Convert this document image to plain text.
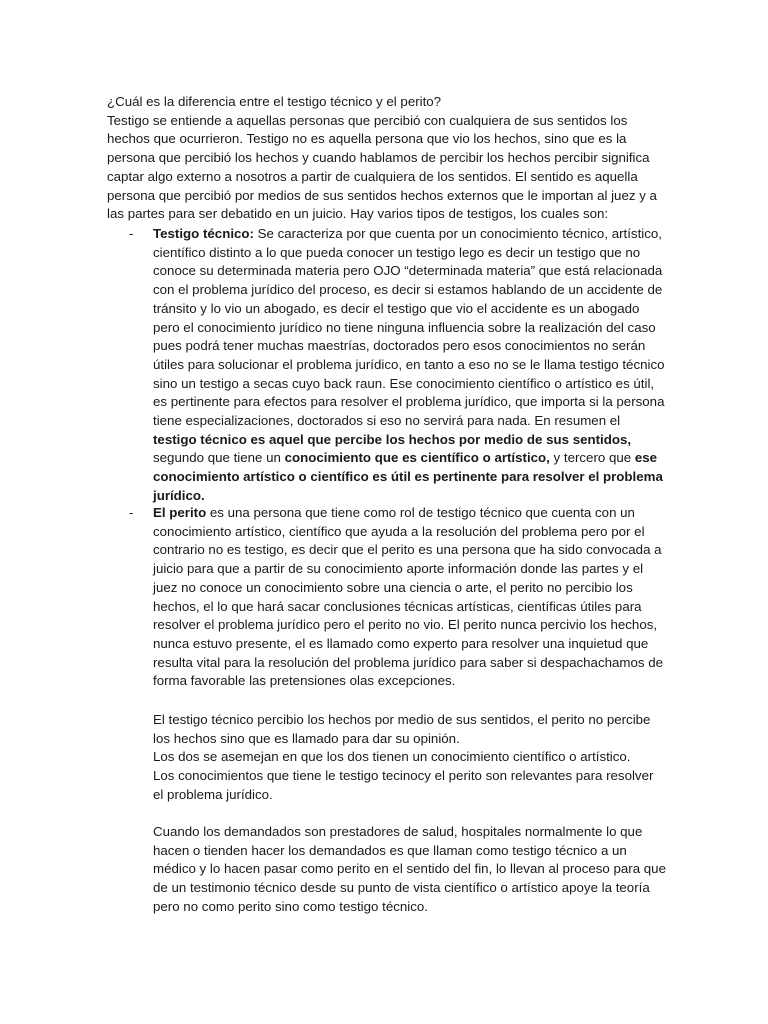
¿Cuál es la diferencia entre el testigo técnico y el perito?

Testigo se entiende a aquellas personas que percibió con cualquiera de sus sentidos los hechos que ocurrieron. Testigo no es aquella persona que vio los hechos, sino que es la persona que percibió los hechos y cuando hablamos de percibir los hechos percibir significa captar algo externo a nosotros a partir de cualquiera de los sentidos. El sentido es aquella persona que percibió por medios de sus sentidos hechos externos que le importan al juez y a las partes para ser debatido en un juicio. Hay varios tipos de testigos, los cuales son:

- Testigo técnico: Se caracteriza por que cuenta por un conocimiento técnico, artístico, científico distinto a lo que pueda conocer un testigo lego es decir un testigo que no conoce su determinada materia pero OJO “determinada materia” que está relacionada con el problema jurídico del proceso, es decir si estamos hablando de un accidente de tránsito y lo vio un abogado, es decir el testigo que vio el accidente es un abogado pero el conocimiento jurídico no tiene ninguna influencia sobre la realización del caso pues podrá tener muchas maestrías, doctorados pero esos conocimientos no serán útiles para solucionar el problema jurídico, en tanto a eso no se le llama testigo técnico sino un testigo a secas cuyo back raun. Ese conocimiento científico o artístico es útil, es pertinente para efectos para resolver el problema jurídico, que importa si la persona tiene especializaciones, doctorados si eso no servirá para nada. En resumen el testigo técnico es aquel que percibe los hechos por medio de sus sentidos, segundo que tiene un conocimiento que es científico o artístico, y tercero que ese conocimiento artístico o científico es útil es pertinente para resolver el problema jurídico.
- El perito es una persona que tiene como rol de testigo técnico que cuenta con un conocimiento artístico, científico que ayuda a la resolución del problema pero por el contrario no es testigo, es decir que el perito es una persona que ha sido convocada a juicio para que a partir de su conocimiento aporte información donde las partes y el juez no conoce un conocimiento sobre una ciencia o arte, el perito no percibio los hechos, el lo que hará sacar conclusiones técnicas artísticas, científicas útiles para resolver el problema jurídico pero el perito no vio. El perito nunca percivio los hechos, nunca estuvo presente, el es llamado como experto para resolver una inquietud que resulta vital para la resolución del problema jurídico para saber si despachachamos de forma favorable las pretensiones olas excepciones.

El testigo técnico percibio los hechos por medio de sus sentidos, el perito no percibe los hechos sino que es llamado para dar su opinión.

Los dos se asemejan en que los dos tienen un conocimiento científico o artístico.

Los conocimientos que tiene le testigo tecinocy el perito son relevantes para resolver el problema jurídico.

Cuando los demandados son prestadores de salud, hospitales normalmente lo que hacen o tienden hacer los demandados es que llaman como testigo técnico a un médico y lo hacen pasar como perito en el sentido del fin, lo llevan al proceso para que de un testimonio técnico desde su punto de vista científico o artístico apoye la teoría pero no como perito sino como testigo técnico.
